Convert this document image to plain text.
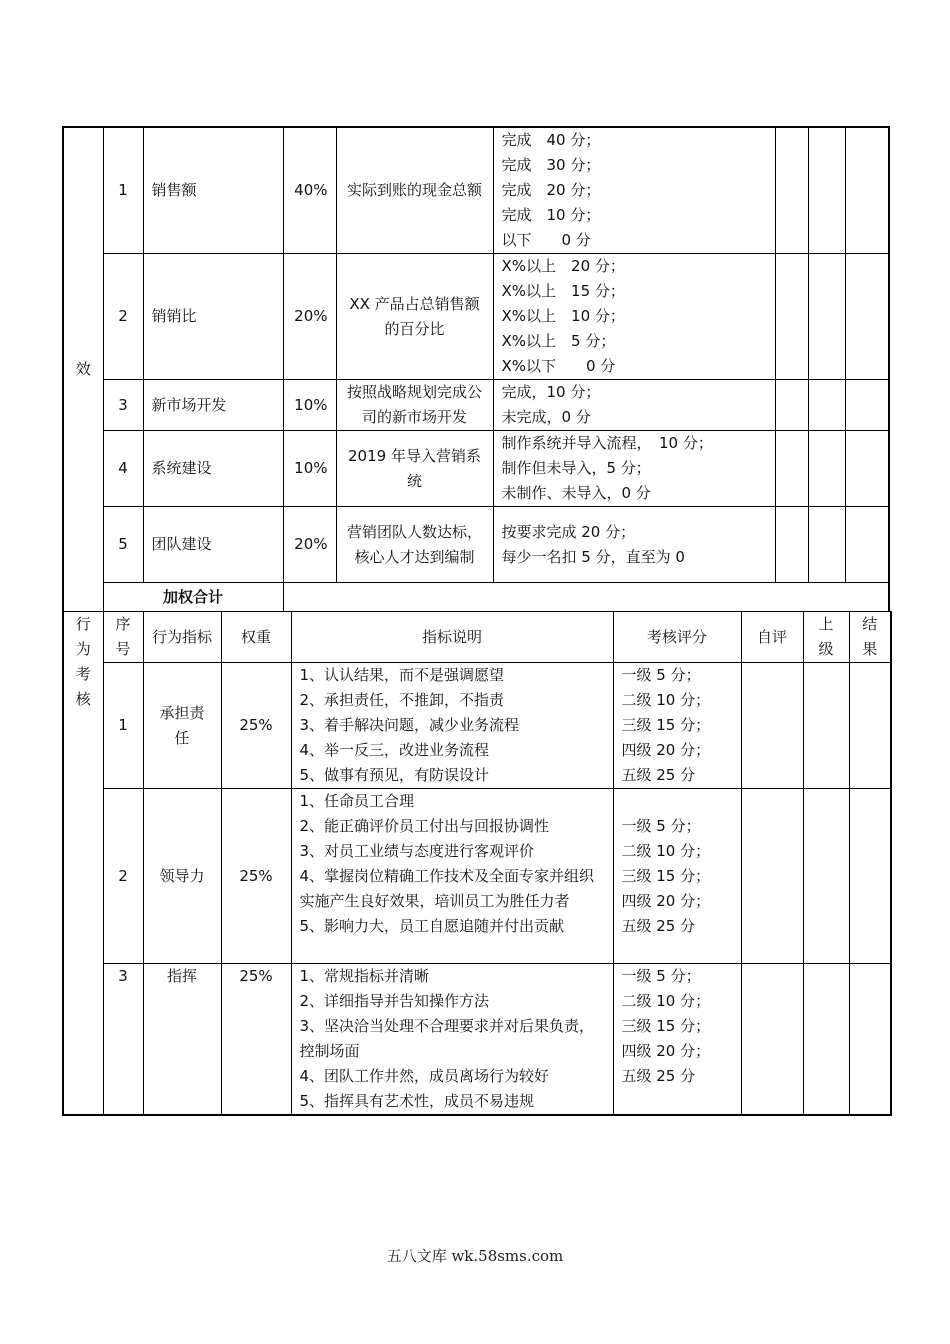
效	1	销售额	40%	实际到账的现金总额	完成　40 分；
完成　30 分；
完成　20 分；
完成　10 分；
以下　　0 分			

	2	销销比	20%	XX 产品占总销售额的百分比	X%以上　20 分；
X%以上　15 分；
X%以上　10 分；
X%以上　5 分；
X%以下　　0 分			

	3	新市场开发	10%	按照战略规划完成公司的新市场开发	完成，10 分；
未完成，0 分			

	4	系统建设	10%	2019 年导入营销系统	制作系统并导入流程，　10 分；
制作但未导入，5 分；
未制作、未导入，0 分			

	5	团队建设	20%	营销团队人数达标，核心人才达到编制	按要求完成 20 分；
每少一名扣 5 分，直至为 0			

	加权合计							
行
为
考
核	序号	行为指标	权重	指标说明	考核评分	自评	上级	结果

	1	承担责任	25%	1、认认结果，而不是强调愿望
2、承担责任，不推卸，不指责
3、着手解决问题，减少业务流程
4、举一反三，改进业务流程
5、做事有预见，有防误设计	一级 5 分；
二级 10 分；
三级 15 分；
四级 20 分；
五级 25 分			

	2	领导力	25%	1、任命员工合理
2、能正确评价员工付出与回报协调性
3、对员工业绩与态度进行客观评价
4、掌握岗位精确工作技术及全面专家并组织实施产生良好效果，培训员工为胜任力者
5、影响力大，员工自愿追随并付出贡献	一级 5 分；
二级 10 分；
三级 15 分；
四级 20 分；
五级 25 分			

	3	指挥	25%	1、常规指标并清晰
2、详细指导并告知操作方法
3、坚决洽当处理不合理要求并对后果负责，控制场面
4、团队工作井然，成员离场行为较好
5、指挥具有艺术性，成员不易违规	一级 5 分；
二级 10 分；
三级 15 分；
四级 20 分；
五级 25 分			

五八文库 wk.58sms.com
